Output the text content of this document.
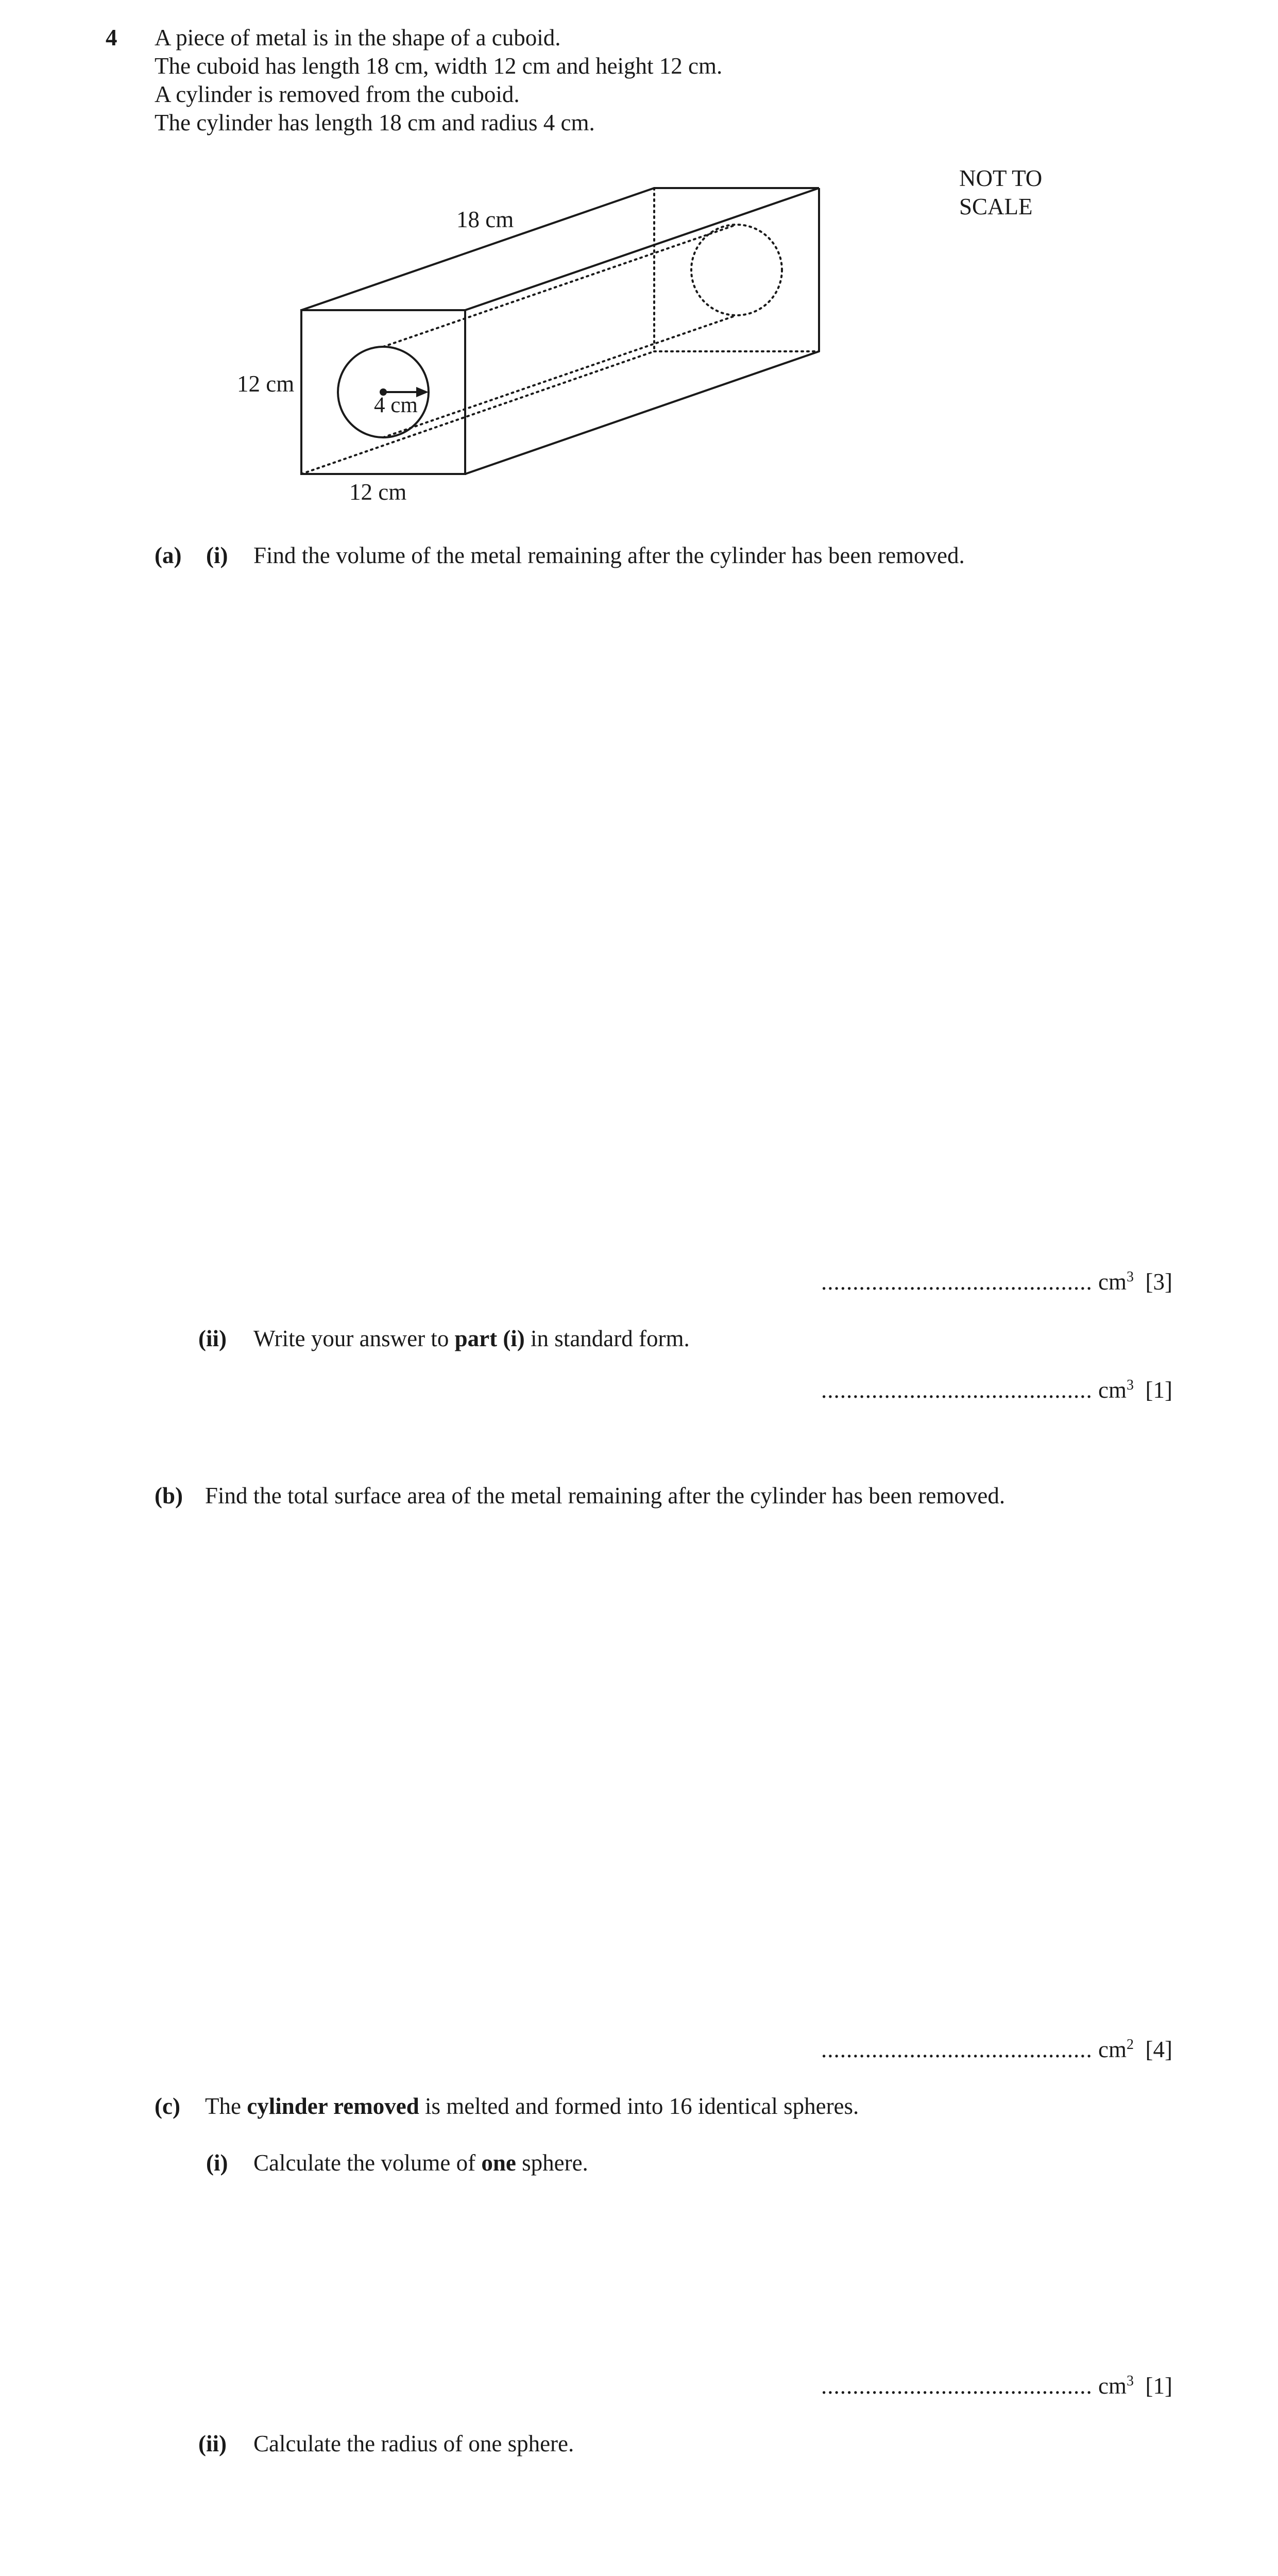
4 A piece of metal is in the shape of a cuboid.
The cuboid has length 18 cm, width 12 cm and height 12 cm.
A cylinder is removed from the cuboid.
The cylinder has length 18 cm and radius 4 cm.
18 cm
12 cm
12 cm
4 cm
NOT TO
SCALE
(a) (i) Find the volume of the metal remaining after the cylinder has been removed.
........................................... $cm^3$ [3]
(ii) Write your answer to part (i) in standard form.
........................................... $cm^3$ [1]
(b) Find the total surface area of the metal remaining after the cylinder has been removed.
........................................... $cm^2$ [4]
(c) The cylinder removed is melted and formed into 16 identical spheres.
(i) Calculate the volume of one sphere.
........................................... $cm^3$ [1]
(ii) Calculate the radius of one sphere.
